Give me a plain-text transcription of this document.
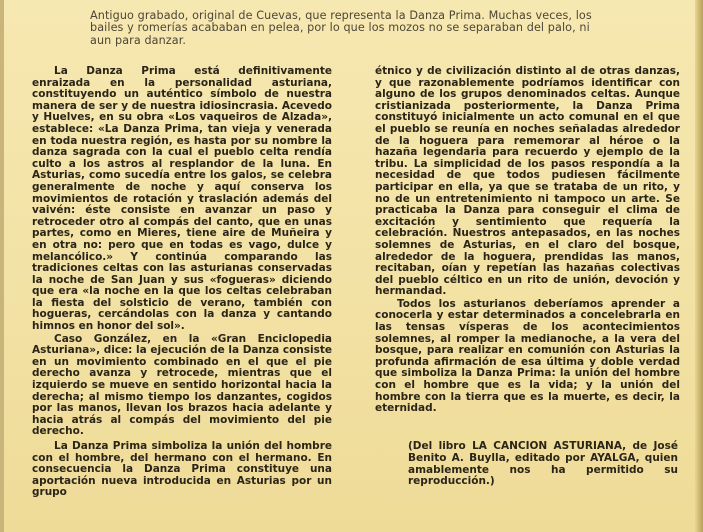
Antiguo grabado, original de Cuevas, que representa la Danza Prima. Muchas veces, los bailes y romerías acababan en pelea, por lo que los mozos no se separaban del palo, ni aun para danzar.

La Danza Prima está definitivamente enraizada en la personalidad asturiana, constituyendo un auténtico símbolo de nuestra manera de ser y de nuestra idiosincrasia. Acevedo y Huelves, en su obra «Los vaqueiros de Alzada», establece: «La Danza Prima, tan vieja y venerada en toda nuestra región, es hasta por su nombre la danza sagrada con la cual el pueblo celta rendía culto a los astros al resplandor de la luna. En Asturias, como sucedía entre los galos, se celebra generalmente de noche y aquí conserva los movimientos de rotación y traslación además del vaivén: éste consiste en avanzar un paso y retroceder otro al compás del canto, que en unas partes, como en Mieres, tiene aire de Muñeira y en otra no: pero que en todas es vago, dulce y melancólico.» Y continúa comparando las tradiciones celtas con las asturianas conservadas la noche de San Juan y sus «fogueras» diciendo que era «la noche en la que los celtas celebraban la fiesta del solsticio de verano, también con hogueras, cercándolas con la danza y cantando himnos en honor del sol».

Caso González, en la «Gran Enciclopedia Asturiana», dice: la ejecución de la Danza consiste en un movimiento combinado en el que el pie derecho avanza y retrocede, mientras que el izquierdo se mueve en sentido horizontal hacia la derecha; al mismo tiempo los danzantes, cogidos por las manos, llevan los brazos hacia adelante y hacia atrás al compás del movimiento del pie derecho.

La Danza Prima simboliza la unión del hombre con el hombre, del hermano con el hermano. En consecuencia la Danza Prima constituye una aportación nueva introducida en Asturias por un grupo

étnico y de civilización distinto al de otras danzas, y que razonablemente podríamos identificar con alguno de los grupos denominados celtas. Aunque cristianizada posteriormente, la Danza Prima constituyó inicialmente un acto comunal en el que el pueblo se reunía en noches señaladas alrededor de la hoguera para rememorar al héroe o la hazaña legendaria para recuerdo y ejemplo de la tribu. La simplicidad de los pasos respondía a la necesidad de que todos pudiesen fácilmente participar en ella, ya que se trataba de un rito, y no de un entretenimiento ni tampoco un arte. Se practicaba la Danza para conseguir el clima de excitación y sentimiento que requería la celebración. Nuestros antepasados, en las noches solemnes de Asturias, en el claro del bosque, alrededor de la hoguera, prendidas las manos, recitaban, oían y repetían las hazañas colectivas del pueblo céltico en un rito de unión, devoción y hermandad.

Todos los asturianos deberíamos aprender a conocerla y estar determinados a concelebrarla en las tensas vísperas de los acontecimientos solemnes, al romper la medianoche, a la vera del bosque, para realizar en comunión con Asturias la profunda afirmación de esa última y doble verdad que simboliza la Danza Prima: la unión del hombre con el hombre que es la vida; y la unión del hombre con la tierra que es la muerte, es decir, la eternidad.

(Del libro LA CANCION ASTURIANA, de José Benito A. Buylla, editado por AYALGA, quien amablemente nos ha permitido su reproducción.)
